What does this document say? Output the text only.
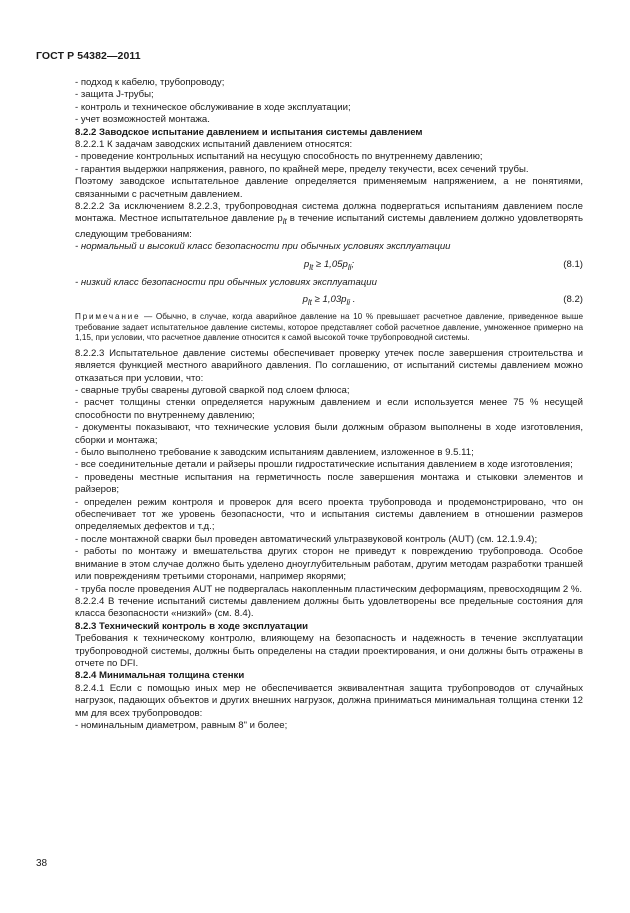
ГОСТ Р 54382—2011

- подход к кабелю, трубопроводу;

- защита J-трубы;

- контроль и техническое обслуживание в ходе эксплуатации;

- учет возможностей монтажа.

8.2.2 Заводское испытание давлением и испытания системы давлением

8.2.2.1 К задачам заводских испытаний давлением относятся:

- проведение контрольных испытаний на несущую способность по внутреннему давлению;

- гарантия выдержки напряжения, равного, по крайней мере, пределу текучести, всех сечений трубы.

Поэтому заводское испытательное давление определяется применяемым напряжением, а не понятиями, связанными с расчетным давлением.

8.2.2.2 За исключением 8.2.2.3, трубопроводная система должна подвергаться испытаниям давлением после монтажа. Местное испытательное давление $p_{lt}$ в течение испытаний системы давлением должно удовлетворять следующим требованиям:

- нормальный и высокий класс безопасности при обычных условиях эксплуатации

$p_{lt} \ge 1,05p_{li}$;	(8.1)

- низкий класс безопасности при обычных условиях эксплуатации

$p_{lt} \ge 1,03p_{li}$ .	(8.2)

Примечание — Обычно, в случае, когда аварийное давление на 10 % превышает расчетное давление, приведенное выше требование задает испытательное давление системы, которое представляет собой расчетное давление, умноженное примерно на 1,15, при условии, что расчетное давление относится к самой высокой точке трубопроводной системы.

8.2.2.3 Испытательное давление системы обеспечивает проверку утечек после завершения строительства и является функцией местного аварийного давления. По соглашению, от испытаний системы давлением можно отказаться при условии, что:

- сварные трубы сварены дуговой сваркой под слоем флюса;

- расчет толщины стенки определяется наружным давлением и если используется менее 75 % несущей способности по внутреннему давлению;

- документы показывают, что технические условия были должным образом выполнены в ходе изготовления, сборки и монтажа;

- было выполнено требование к заводским испытаниям давлением, изложенное в 9.5.11;

- все соединительные детали и райзеры прошли гидростатические испытания давлением в ходе изготовления;

- проведены местные испытания на герметичность после завершения монтажа и стыковки элементов и райзеров;

- определен режим контроля и проверок для всего проекта трубопровода и продемонстрировано, что он обеспечивает тот же уровень безопасности, что и испытания системы давлением в отношении размеров определяемых дефектов и т.д.;

- после монтажной сварки был проведен автоматический ультразвуковой контроль (AUT) (см. 12.1.9.4);

- работы по монтажу и вмешательства других сторон не приведут к повреждению трубопровода. Особое внимание в этом случае должно быть уделено дноуглубительным работам, другим методам разработки траншей или повреждениям третьими сторонами, например якорями;

- труба после проведения AUT не подвергалась накопленным пластическим деформациям, превосходящим 2 %.

8.2.2.4 В течение испытаний системы давлением должны быть удовлетворены все предельные состояния для класса безопасности «низкий» (см. 8.4).

8.2.3 Технический контроль в ходе эксплуатации

Требования к техническому контролю, влияющему на безопасность и надежность в течение эксплуатации трубопроводной системы, должны быть определены на стадии проектирования, и они должны быть отражены в отчете по DFI.

8.2.4 Минимальная толщина стенки

8.2.4.1 Если с помощью иных мер не обеспечивается эквивалентная защита трубопроводов от случайных нагрузок, падающих объектов и других внешних нагрузок, должна приниматься минимальная толщина стенки 12 мм для всех трубопроводов:

- номинальным диаметром, равным 8" и более;

38
